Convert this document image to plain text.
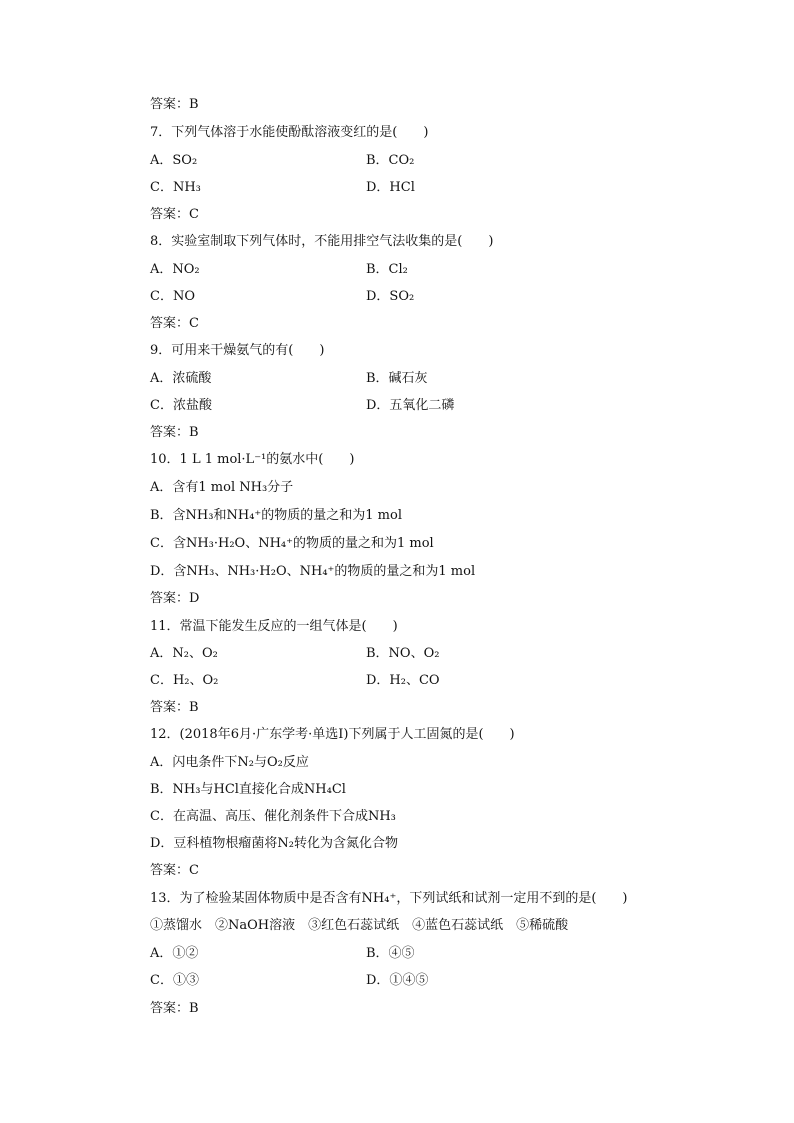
答案：B
7．下列气体溶于水能使酚酞溶液变红的是(　　)
A．SO₂	B．CO₂
C．NH₃	D．HCl
答案：C
8．实验室制取下列气体时，不能用排空气法收集的是(　　)
A．NO₂	B．Cl₂
C．NO	D．SO₂
答案：C
9．可用来干燥氨气的有(　　)
A．浓硫酸	B．碱石灰
C．浓盐酸	D．五氧化二磷
答案：B
10．1 L 1 mol·L⁻¹的氨水中(　　)
A．含有1 mol NH₃分子
B．含NH₃和NH₄⁺的物质的量之和为1 mol
C．含NH₃·H₂O、NH₄⁺的物质的量之和为1 mol
D．含NH₃、NH₃·H₂O、NH₄⁺的物质的量之和为1 mol
答案：D
11．常温下能发生反应的一组气体是(　　)
A．N₂、O₂	B．NO、O₂
C．H₂、O₂	D．H₂、CO
答案：B
12．(2018年6月·广东学考·单选Ⅰ)下列属于人工固氮的是(　　)
A．闪电条件下N₂与O₂反应
B．NH₃与HCl直接化合成NH₄Cl
C．在高温、高压、催化剂条件下合成NH₃
D．豆科植物根瘤菌将N₂转化为含氮化合物
答案：C
13．为了检验某固体物质中是否含有NH₄⁺，下列试纸和试剂一定用不到的是(　　)
①蒸馏水　②NaOH溶液　③红色石蕊试纸　④蓝色石蕊试纸　⑤稀硫酸
A．①②	B．④⑤
C．①③	D．①④⑤
答案：B
